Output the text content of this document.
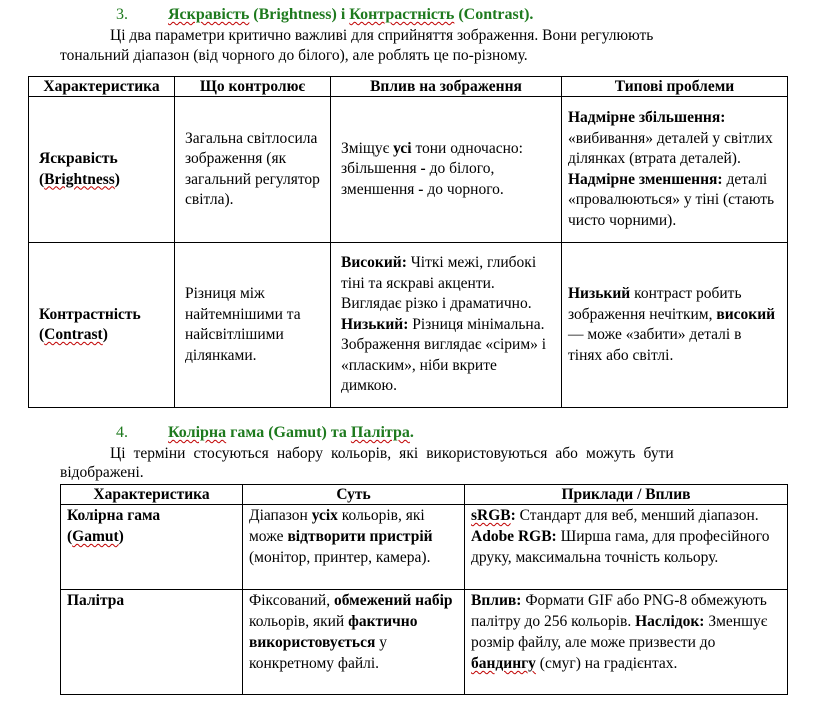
3.	Яскравість (Brightness) і Контрастність (Contrast).
Ці два параметри критично важливі для сприйняття зображення. Вони регулюють
тональний діапазон (від чорного до білого), але роблять це по-різному.
Характеристика	Що контролює	Вплив на зображення	Типові проблеми
Яскравість
(Brightness)	Загальна світлосила зображення (як загальний регулятор світла).	Зміщує усі тони одночасно: збільшення - до білого, зменшення - до чорного.	Надмірне збільшення: «вибивання» деталей у світлих ділянках (втрата деталей). Надмірне зменшення: деталі «провалюються» у тіні (стають чисто чорними).
Контрастність
(Contrast)	Різниця між найтемнішими та найсвітлішими ділянками.	Високий: Чіткі межі, глибокі тіні та яскраві акценти. Виглядає різко і драматично. Низький: Різниця мінімальна. Зображення виглядає «сірим» і «пласким», ніби вкрите димкою.	Низький контраст робить зображення нечітким, високий — може «забити» деталі в тінях або світлі.
4.	Колірна гама (Gamut) та Палітра.
Ці терміни стосуються набору кольорів, які використовуються або можуть бути
відображені.
Характеристика	Суть	Приклади / Вплив
Колірна гама
(Gamut)	Діапазон усіх кольорів, які може відтворити пристрій (монітор, принтер, камера).	sRGB: Стандарт для веб, менший діапазон. Adobe RGB: Ширша гама, для професійного друку, максимальна точність кольору.
Палітра	Фіксований, обмежений набір кольорів, який фактично використовується у конкретному файлі.	Вплив: Формати GIF або PNG-8 обмежують палітру до 256 кольорів. Наслідок: Зменшує розмір файлу, але може призвести до бандингу (смуг) на градієнтах.
